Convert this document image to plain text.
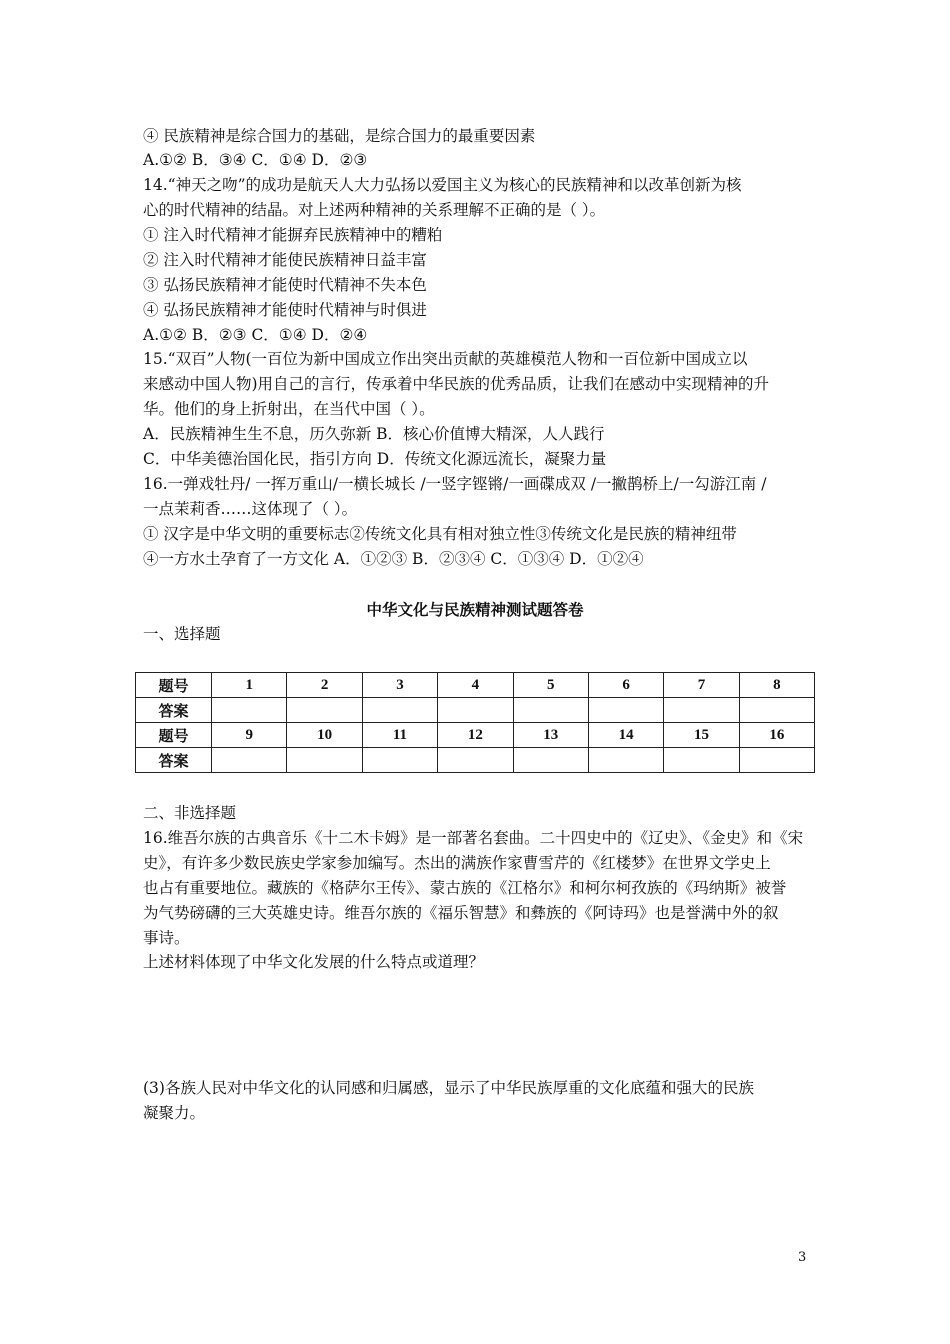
④ 民族精神是综合国力的基础，是综合国力的最重要因素
A.①② B．③④ C．①④ D．②③
14.“神天之吻”的成功是航天人大力弘扬以爱国主义为核心的民族精神和以改革创新为核
心的时代精神的结晶。对上述两种精神的关系理解不正确的是（ ）。
① 注入时代精神才能摒弃民族精神中的糟粕
② 注入时代精神才能使民族精神日益丰富
③ 弘扬民族精神才能使时代精神不失本色
④ 弘扬民族精神才能使时代精神与时俱进
A.①② B．②③ C．①④ D．②④
15.“双百”人物(一百位为新中国成立作出突出贡献的英雄模范人物和一百位新中国成立以
来感动中国人物)用自己的言行，传承着中华民族的优秀品质，让我们在感动中实现精神的升
华。他们的身上折射出，在当代中国（ ）。
A．民族精神生生不息，历久弥新 B．核心价值博大精深，人人践行
C．中华美德治国化民，指引方向 D．传统文化源远流长，凝聚力量
16.一弹戏牡丹/ 一挥万重山/一横长城长 /一竖字铿锵/一画碟成双 /一撇鹊桥上/一勾游江南 /
一点茉莉香……这体现了（ ）。
① 汉字是中华文明的重要标志②传统文化具有相对独立性③传统文化是民族的精神纽带
④一方水土孕育了一方文化 A．①②③ B．②③④ C．①③④ D．①②④
中华文化与民族精神测试题答卷
一、选择题
题号	1	2	3	4	5	6	7	8
答案								
题号	9	10	11	12	13	14	15	16
答案								
二、非选择题
16.维吾尔族的古典音乐《十二木卡姆》是一部著名套曲。二十四史中的《辽史》、《金史》和《宋
史》，有许多少数民族史学家参加编写。杰出的满族作家曹雪芹的《红楼梦》在世界文学史上
也占有重要地位。藏族的《格萨尔王传》、蒙古族的《江格尔》和柯尔柯孜族的《玛纳斯》被誉
为气势磅礴的三大英雄史诗。维吾尔族的《福乐智慧》和彝族的《阿诗玛》也是誉满中外的叙
事诗。
上述材料体现了中华文化发展的什么特点或道理？
(3)各族人民对中华文化的认同感和归属感，显示了中华民族厚重的文化底蕴和强大的民族
凝聚力。
3
